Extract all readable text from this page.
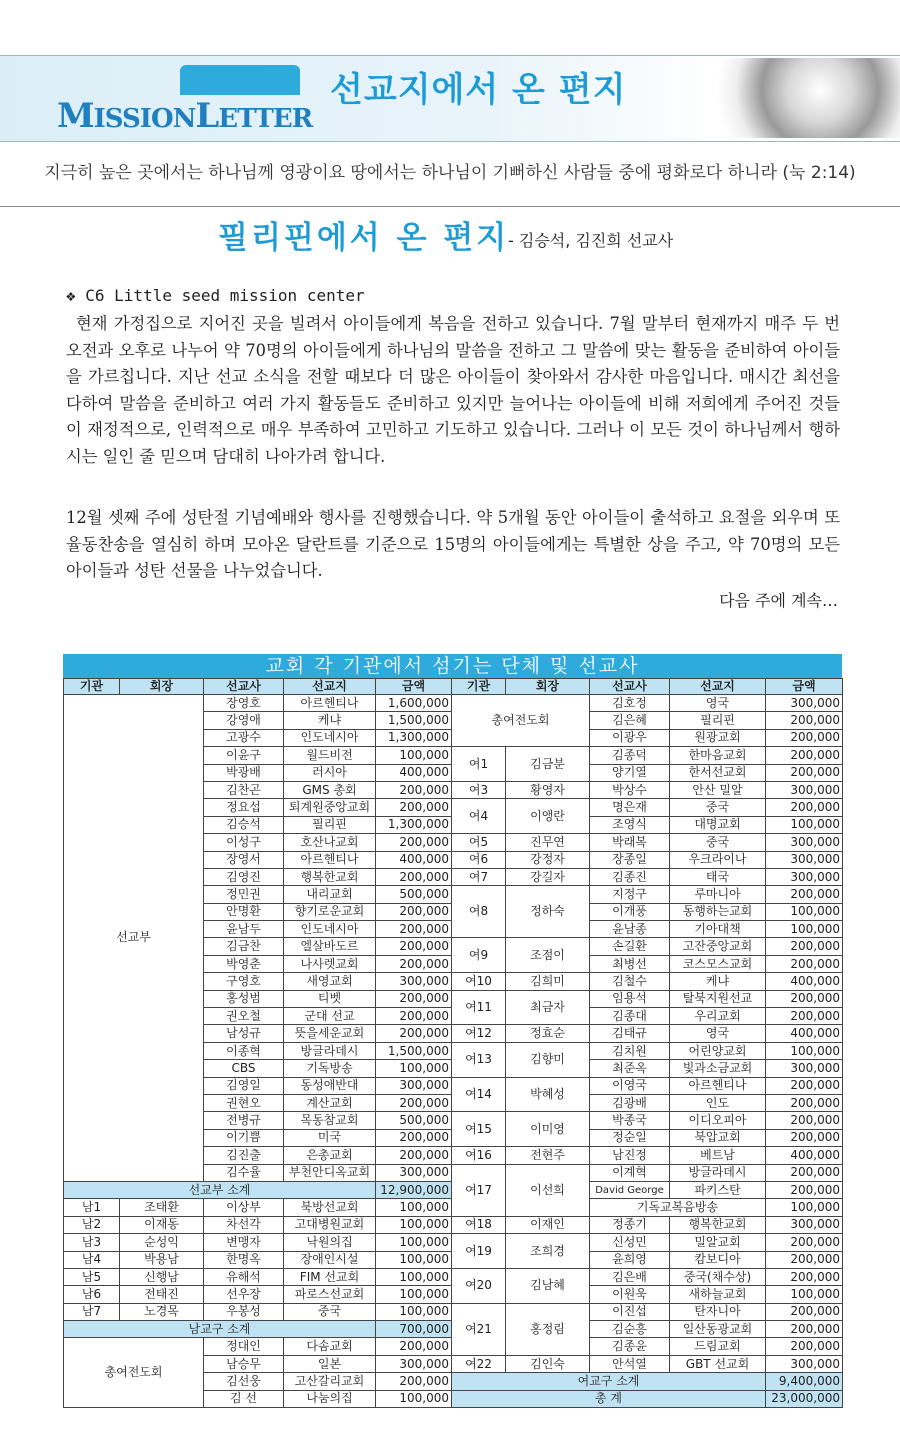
MISSIONLETTER
선교지에서 온 편지
지극히 높은 곳에서는 하나님께 영광이요 땅에서는 하나님이 기뻐하신 사람들 중에 평화로다 하니라 (눅 2:14)
필리핀에서 온 편지
- 김승석, 김진희 선교사
❖ C6 Little seed mission center
현재 가정집으로 지어진 곳을 빌려서 아이들에게 복음을 전하고 있습니다. 7월 말부터 현재까지 매주 두 번 오전과 오후로 나누어 약 70명의 아이들에게 하나님의 말씀을 전하고 그 말씀에 맞는 활동을 준비하여 아이들을 가르칩니다. 지난 선교 소식을 전할 때보다 더 많은 아이들이 찾아와서 감사한 마음입니다. 매시간 최선을 다하여 말씀을 준비하고 여러 가지 활동들도 준비하고 있지만 늘어나는 아이들에 비해 저희에게 주어진 것들이 재정적으로, 인력적으로 매우 부족하여 고민하고 기도하고 있습니다. 그러나 이 모든 것이 하나님께서 행하시는 일인 줄 믿으며 담대히 나아가려 합니다.
12월 셋째 주에 성탄절 기념예배와 행사를 진행했습니다. 약 5개월 동안 아이들이 출석하고 요절을 외우며 또 율동찬송을 열심히 하며 모아온 달란트를 기준으로 15명의 아이들에게는 특별한 상을 주고, 약 70명의 모든 아이들과 성탄 선물을 나누었습니다.
다음 주에 계속…
교회 각 기관에서 섬기는 단체 및 선교사
기관	회장	선교사	선교지	금액	기관	회장	선교사	선교지	금액
선교부		장영호	아르헨티나	1,600,000	총여전도회		김호정	영국	300,000
		강영애	케냐	1,500,000			김은혜	필리핀	200,000
		고광수	인도네시아	1,300,000			이광우	원광교회	200,000
		이윤구	월드비전	100,000	여1	김금분	김종덕	한마음교회	200,000
		박광배	러시아	400,000			양기열	한서선교회	200,000
		김찬곤	GMS 총회	200,000	여3	황영자	박상수	안산 밀알	300,000
		정요섭	퇴계원중앙교회	200,000	여4	이앵란	명은재	중국	200,000
		김승석	필리핀	1,300,000			조영식	대명교회	100,000
		이성구	호산나교회	200,000	여5	진무연	박래복	중국	300,000
		장영서	아르헨티나	400,000	여6	강정자	장종일	우크라이나	300,000
		김영진	행복한교회	200,000	여7	강길자	김종진	태국	300,000
		정민권	내리교회	500,000	여8	정하숙	지정구	루마니아	200,000
		안명환	향기로운교회	200,000			이개풍	동행하는교회	100,000
		윤남두	인도네시아	200,000			윤남종	기아대책	100,000
		김금찬	엘살바도르	200,000	여9	조점이	손길환	고잔중앙교회	200,000
		박영춘	나사렛교회	200,000			최병선	코스모스교회	200,000
		구영호	새영교회	300,000	여10	김희미	김철수	케냐	400,000
		홍성범	티벳	200,000	여11	최금자	임용석	탈북지원선교	200,000
		권오철	군대 선교	200,000			김종대	우리교회	200,000
		남성규	뜻을세운교회	200,000	여12	정효순	김태규	영국	400,000
		이종혁	방글라데시	1,500,000	여13	김향미	김치원	어린양교회	100,000
		CBS	기독방송	100,000			최준옥	빛과소금교회	300,000
		김영일	동성애반대	300,000	여14	박혜성	이영국	아르헨티나	200,000
		권현오	계산교회	200,000			김광배	인도	200,000
		전병규	목동참교회	500,000	여15	이미영	박종국	이디오피아	200,000
		이기쁨	미국	200,000			정순일	북압교회	200,000
		김진출	은총교회	200,000	여16	전현주	남진정	베트남	400,000
		김수율	부천안디옥교회	300,000	여17	이선희	이계혁	방글라데시	200,000
선교부 소계				12,900,000			David George	파키스탄	200,000
남1	조태환	이상부	북방선교회	100,000			기독교복음방송		100,000
남2	이재동	차선각	고대병원교회	100,000	여18	이재인	정종기	행복한교회	300,000
남3	순성익	변맹자	낙원의집	100,000	여19	조희경	신성민	밀알교회	200,000
남4	박용남	한명옥	장애인시설	100,000			윤희영	캄보디아	200,000
남5	신행남	유해석	FIM 선교회	100,000	여20	김남혜	김은배	중국(채수상)	200,000
남6	전태진	선우장	파로스선교회	100,000			이원욱	새하늘교회	100,000
남7	노경목	우봉성	중국	100,000	여21	홍정림	이진섭	탄자니아	200,000
남교구 소계				700,000			김순흥	일산동광교회	200,000
총여전도회		정대인	다솜교회	200,000			김종윤	드림교회	200,000
		남승무	일본	300,000	여22	김인숙	안석열	GBT 선교회	300,000
		김선웅	고산갈리교회	200,000	여교구 소계				9,400,000
		김 선	나눔의집	100,000	총 계				23,000,000
